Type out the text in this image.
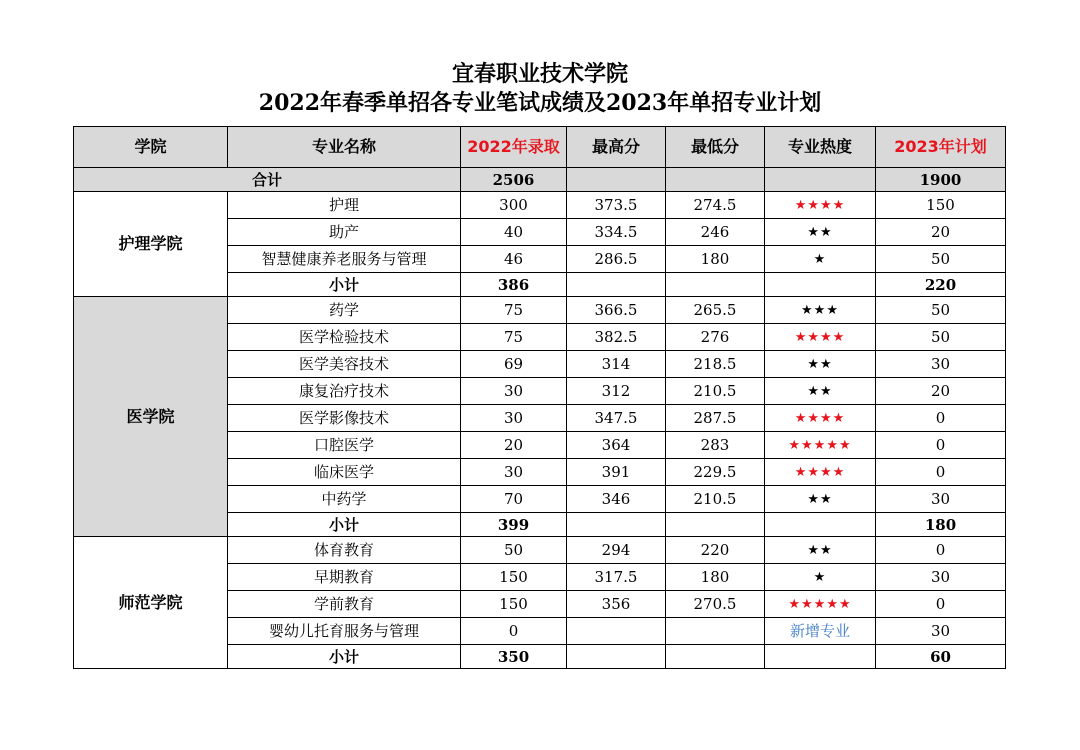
宜春职业技术学院
2022年春季单招各专业笔试成绩及2023年单招专业计划
学院	专业名称	2022年录取	最高分	最低分	专业热度	2023年计划
合计		2506				1900
护理学院	护理	300	373.5	274.5	★★★★	150
	助产	40	334.5	246	★★	20
	智慧健康养老服务与管理	46	286.5	180	★	50
	小计	386				220
医学院	药学	75	366.5	265.5	★★★	50
	医学检验技术	75	382.5	276	★★★★	50
	医学美容技术	69	314	218.5	★★	30
	康复治疗技术	30	312	210.5	★★	20
	医学影像技术	30	347.5	287.5	★★★★	0
	口腔医学	20	364	283	★★★★★	0
	临床医学	30	391	229.5	★★★★	0
	中药学	70	346	210.5	★★	30
	小计	399				180
师范学院	体育教育	50	294	220	★★	0
	早期教育	150	317.5	180	★	30
	学前教育	150	356	270.5	★★★★★	0
	婴幼儿托育服务与管理	0			新增专业	30
	小计	350				60
